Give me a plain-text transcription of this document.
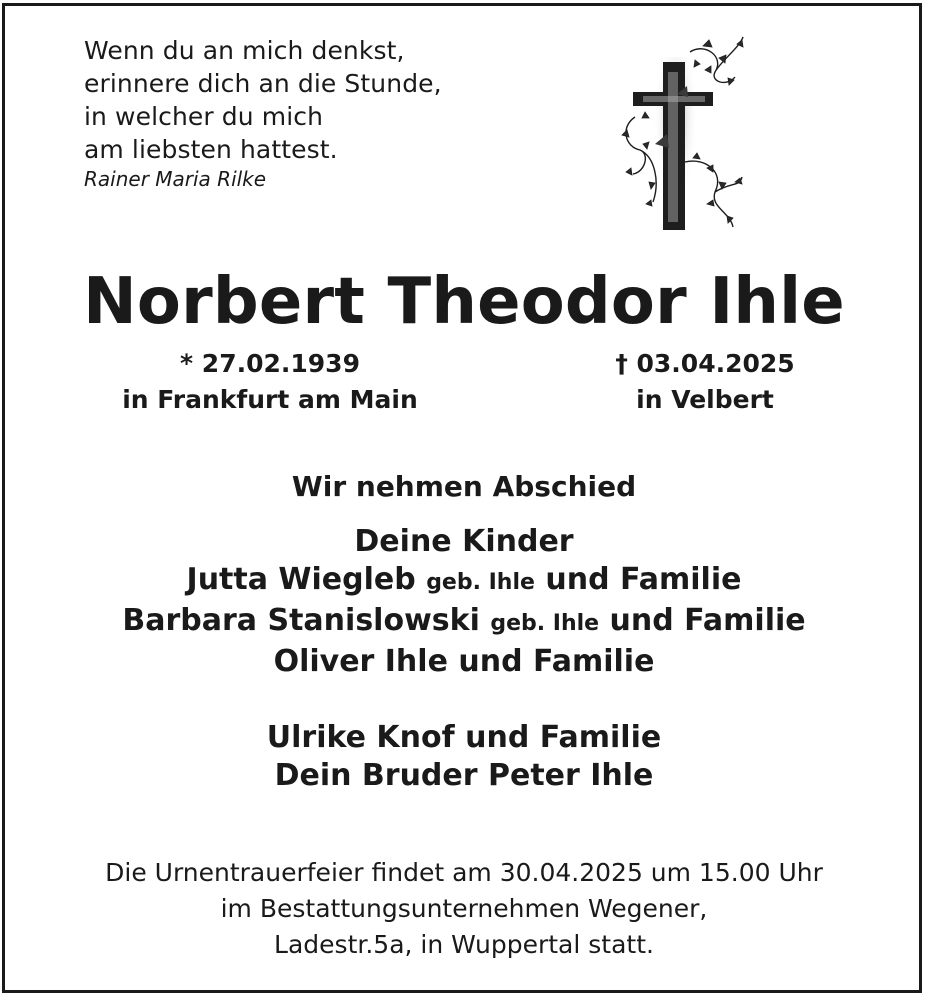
Wenn du an mich denkst,
erinnere dich an die Stunde,
in welcher du mich
am liebsten hattest.
Rainer Maria Rilke
Norbert Theodor Ihle
* 27.02.1939
in Frankfurt am Main
† 03.04.2025
in Velbert
Wir nehmen Abschied
Deine Kinder
Jutta Wiegleb geb. Ihle und Familie
Barbara Stanislowski geb. Ihle und Familie
Oliver Ihle und Familie
Ulrike Knof und Familie
Dein Bruder Peter Ihle
Die Urnentrauerfeier findet am 30.04.2025 um 15.00 Uhr
im Bestattungsunternehmen Wegener,
Ladestr.5a, in Wuppertal statt.
